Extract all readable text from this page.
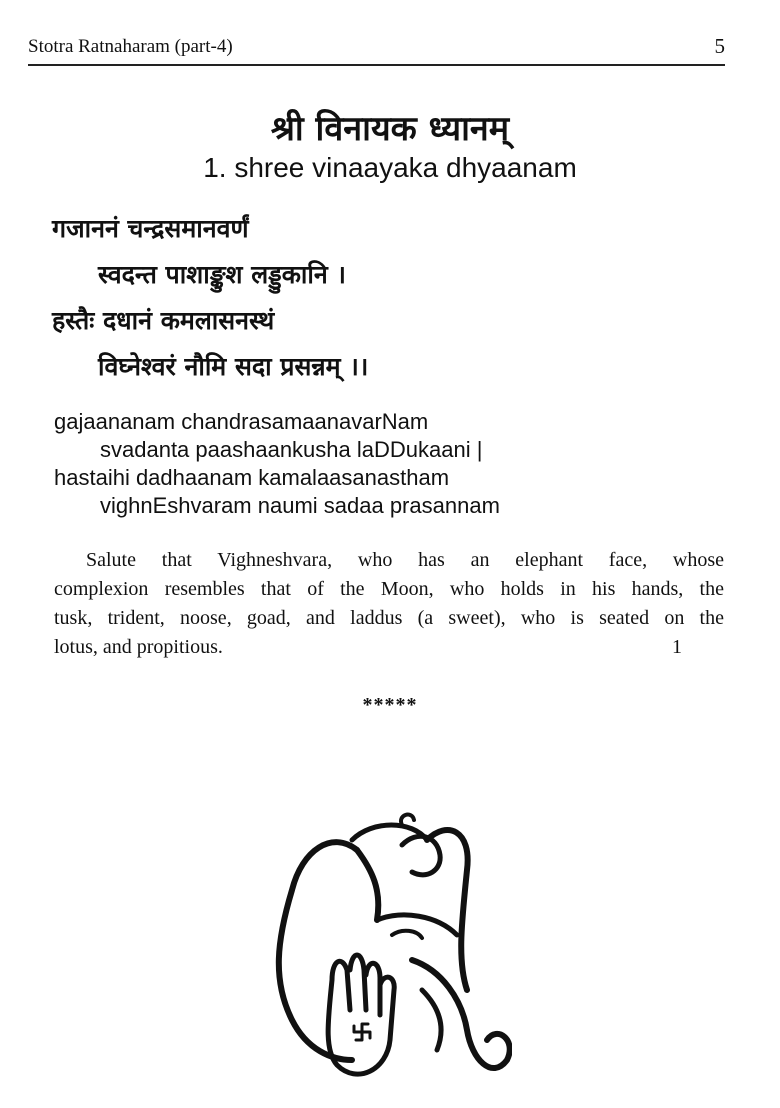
Stotra Ratnaharam (part-4)	5
श्री विनायक ध्यानम्
1. shree vinaayaka dhyaanam
गजाननं चन्द्रसमानवर्णं
स्वदन्त पाशाङ्कुश लड्डुकानि ।
हस्तैः दधानं कमलासनस्थं
विघ्नेश्वरं नौमि सदा प्रसन्नम् ।।
gajaananam chandrasamaanavarNam
svadanta paashaankusha laDDukaani |
hastaihi dadhaanam kamalaasanastham
vighnEshvaram naumi sadaa prasannam
Salute that Vighneshvara, who has an elephant face, whose
complexion resembles that of the Moon, who holds in his hands, the
tusk, trident, noose, goad, and laddus (a sweet), who is seated on the
lotus, and propitious.	1
*****
